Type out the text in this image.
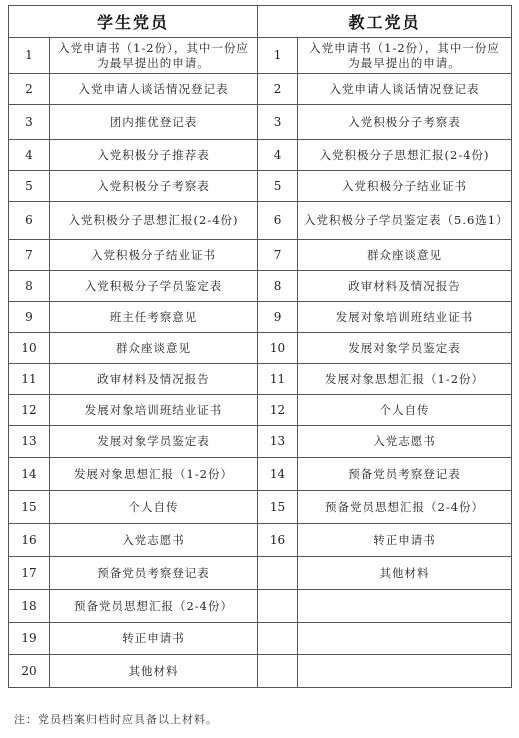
学生党员		教工党员	
1	入党申请书（1-2份），其中一份应为最早提出的申请。	1	入党申请书（1-2份），其中一份应为最早提出的申请。
2	入党申请人谈话情况登记表	2	入党申请人谈话情况登记表
3	团内推优登记表	3	入党积极分子考察表
4	入党积极分子推荐表	4	入党积极分子思想汇报(2-4份)
5	入党积极分子考察表	5	入党积极分子结业证书
6	入党积极分子思想汇报(2-4份)	6	入党积极分子学员鉴定表（5.6选1）
7	入党积极分子结业证书	7	群众座谈意见
8	入党积极分子学员鉴定表	8	政审材料及情况报告
9	班主任考察意见	9	发展对象培训班结业证书
10	群众座谈意见	10	发展对象学员鉴定表
11	政审材料及情况报告	11	发展对象思想汇报（1-2份）
12	发展对象培训班结业证书	12	个人自传
13	发展对象学员鉴定表	13	入党志愿书
14	发展对象思想汇报（1-2份）	14	预备党员考察登记表
15	个人自传	15	预备党员思想汇报（2-4份）
16	入党志愿书	16	转正申请书
17	预备党员考察登记表		其他材料
18	预备党员思想汇报（2-4份）		
19	转正申请书		
20	其他材料		
注：党员档案归档时应具备以上材料。
